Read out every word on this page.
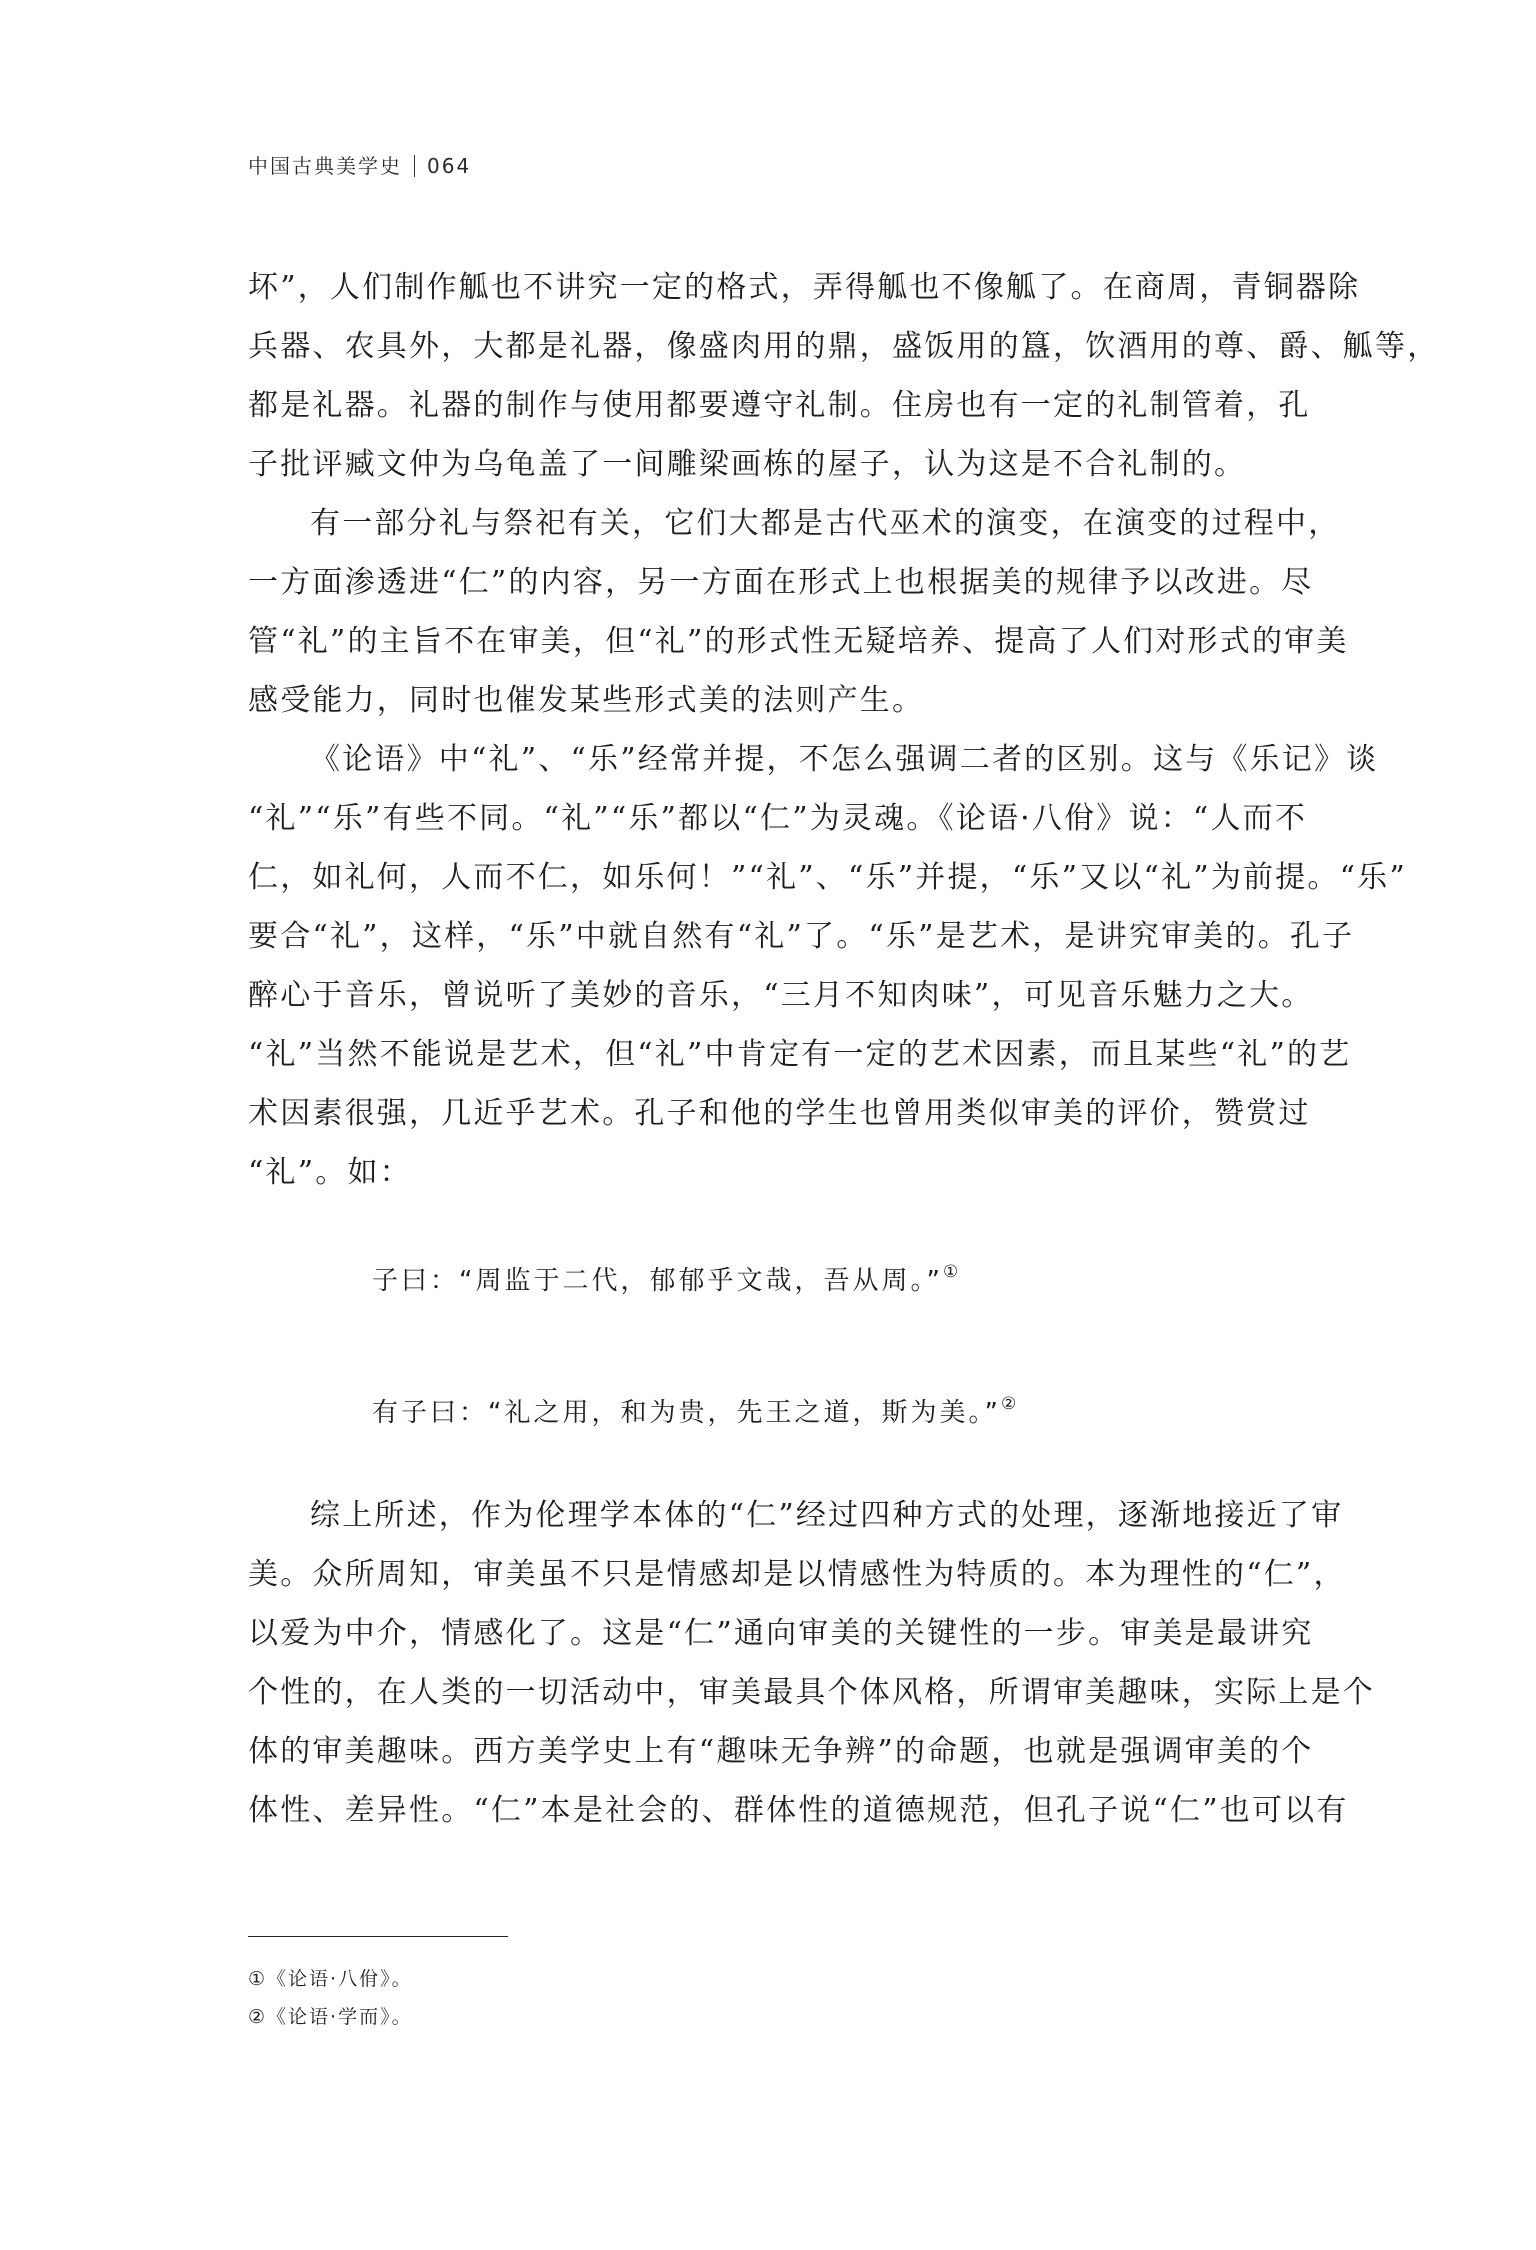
中国古典美学史 064
坏”，人们制作觚也不讲究一定的格式，弄得觚也不像觚了。在商周，青铜器除
兵器、农具外，大都是礼器，像盛肉用的鼎，盛饭用的簋，饮酒用的尊、爵、觚等，
都是礼器。礼器的制作与使用都要遵守礼制。住房也有一定的礼制管着，孔
子批评臧文仲为乌龟盖了一间雕梁画栋的屋子，认为这是不合礼制的。
有一部分礼与祭祀有关，它们大都是古代巫术的演变，在演变的过程中，
一方面渗透进“仁”的内容，另一方面在形式上也根据美的规律予以改进。尽
管“礼”的主旨不在审美，但“礼”的形式性无疑培养、提高了人们对形式的审美
感受能力，同时也催发某些形式美的法则产生。
《论语》中“礼”、“乐”经常并提，不怎么强调二者的区别。这与《乐记》谈
“礼”“乐”有些不同。“礼”“乐”都以“仁”为灵魂。《论语·八佾》说：“人而不
仁，如礼何，人而不仁，如乐何！”“礼”、“乐”并提，“乐”又以“礼”为前提。“乐”
要合“礼”，这样，“乐”中就自然有“礼”了。“乐”是艺术，是讲究审美的。孔子
醉心于音乐，曾说听了美妙的音乐，“三月不知肉味”，可见音乐魅力之大。
“礼”当然不能说是艺术，但“礼”中肯定有一定的艺术因素，而且某些“礼”的艺
术因素很强，几近乎艺术。孔子和他的学生也曾用类似审美的评价，赞赏过
“礼”。如：
子曰：“周监于二代，郁郁乎文哉，吾从周。”①
有子曰：“礼之用，和为贵，先王之道，斯为美。”②
综上所述，作为伦理学本体的“仁”经过四种方式的处理，逐渐地接近了审
美。众所周知，审美虽不只是情感却是以情感性为特质的。本为理性的“仁”，
以爱为中介，情感化了。这是“仁”通向审美的关键性的一步。审美是最讲究
个性的，在人类的一切活动中，审美最具个体风格，所谓审美趣味，实际上是个
体的审美趣味。西方美学史上有“趣味无争辨”的命题，也就是强调审美的个
体性、差异性。“仁”本是社会的、群体性的道德规范，但孔子说“仁”也可以有
①《论语·八佾》。
②《论语·学而》。
